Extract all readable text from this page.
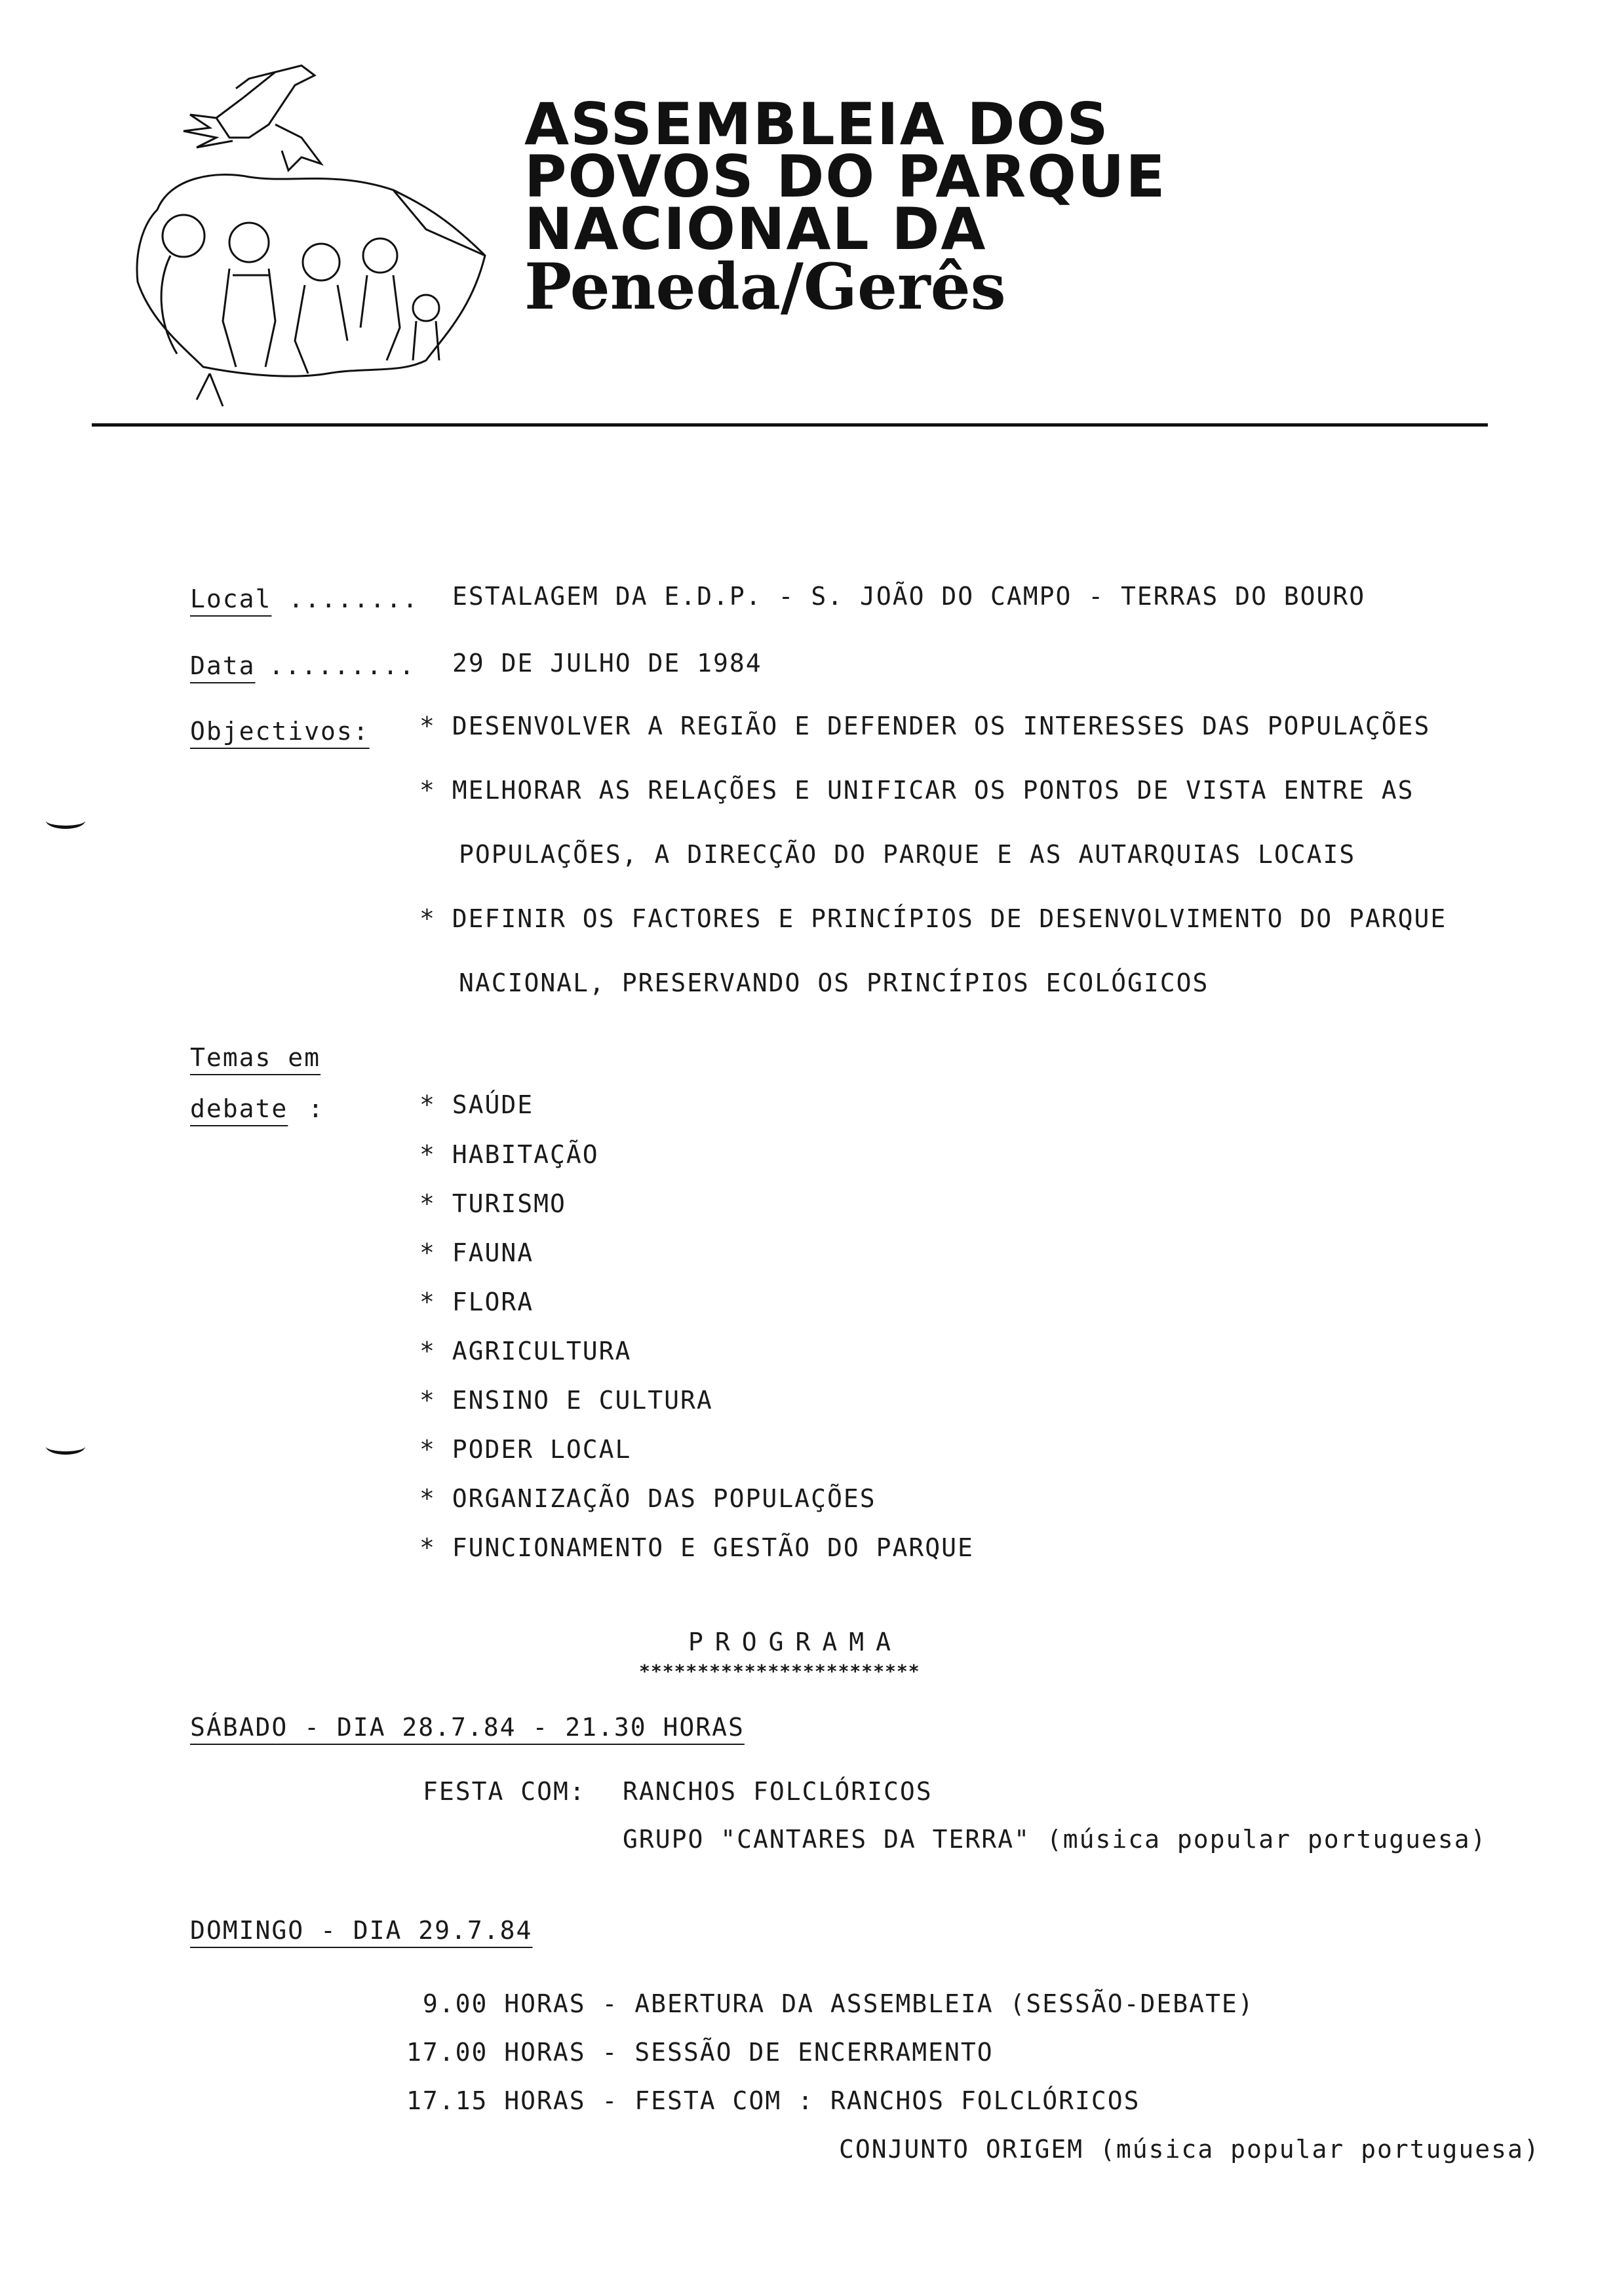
ASSEMBLEIA DOS
POVOS DO PARQUE
NACIONAL DA
Peneda/Gerês
Local ........ ESTALAGEM DA E.D.P. - S. JOÃO DO CAMPO - TERRAS DO BOURO
Data ......... 29 DE JULHO DE 1984
Objectivos: * DESENVOLVER A REGIÃO E DEFENDER OS INTERESSES DAS POPULAÇÕES
* MELHORAR AS RELAÇÕES E UNIFICAR OS PONTOS DE VISTA ENTRE AS
POPULAÇÕES, A DIRECÇÃO DO PARQUE E AS AUTARQUIAS LOCAIS
* DEFINIR OS FACTORES E PRINCÍPIOS DE DESENVOLVIMENTO DO PARQUE
NACIONAL, PRESERVANDO OS PRINCÍPIOS ECOLÓGICOS
Temas em
debate :	* SAÚDE
* HABITAÇÃO
* TURISMO
* FAUNA
* FLORA
* AGRICULTURA
* ENSINO E CULTURA
* PODER LOCAL
* ORGANIZAÇÃO DAS POPULAÇÕES
* FUNCIONAMENTO E GESTÃO DO PARQUE
PROGRAMA
************************
SÁBADO - DIA 28.7.84 - 21.30 HORAS
FESTA COM: RANCHOS FOLCLÓRICOS
GRUPO "CANTARES DA TERRA" (música popular portuguesa)
DOMINGO - DIA 29.7.84
9.00 HORAS - ABERTURA DA ASSEMBLEIA (SESSÃO-DEBATE)
17.00 HORAS - SESSÃO DE ENCERRAMENTO
17.15 HORAS - FESTA COM : RANCHOS FOLCLÓRICOS
CONJUNTO ORIGEM (música popular portuguesa)
